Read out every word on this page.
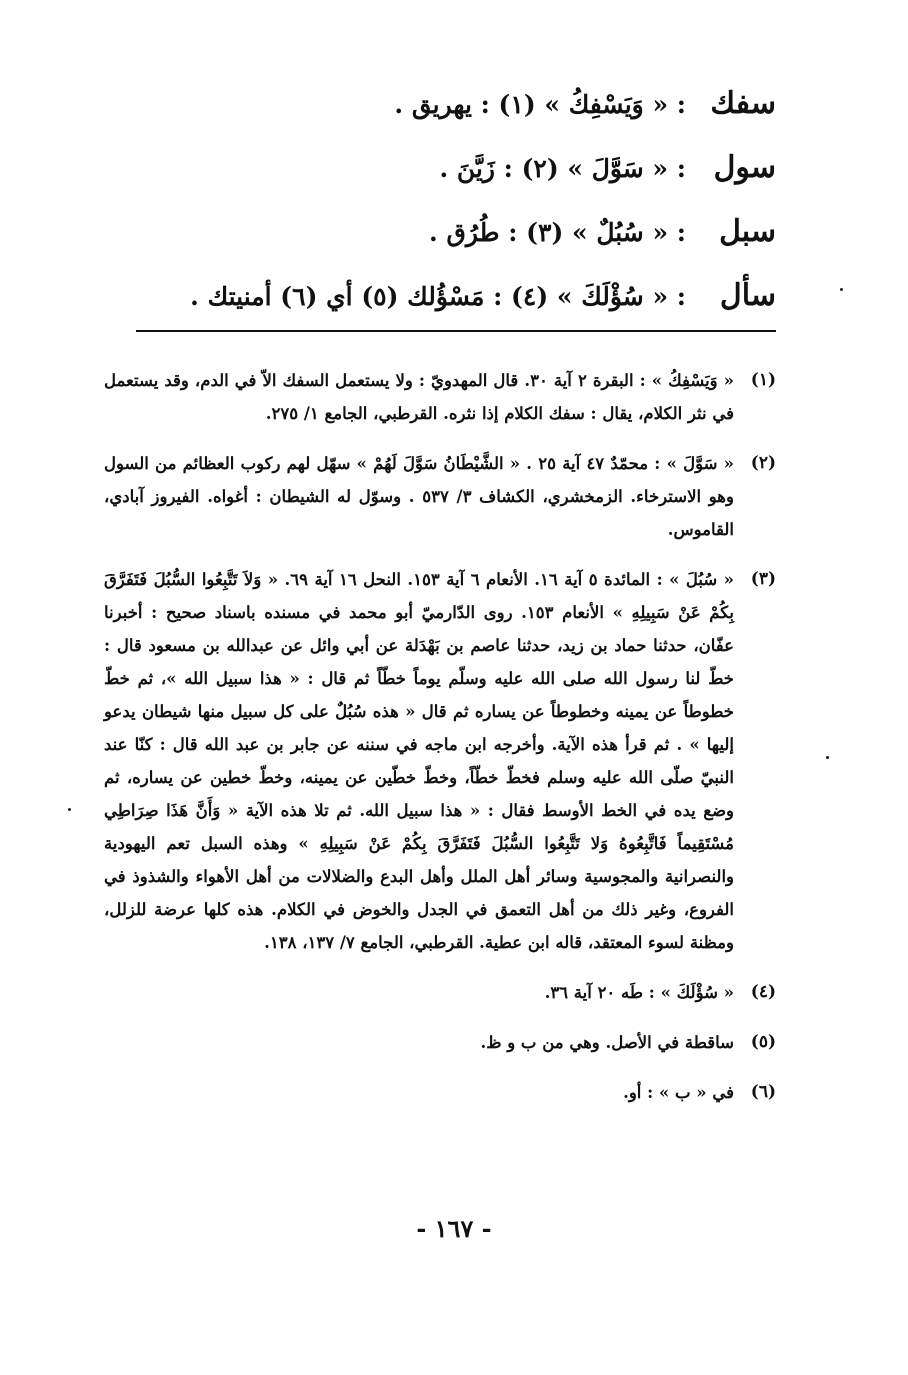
سفك
: « وَيَسْفِكُ » (١) : يهريق .
سول
: « سَوَّلَ » (٢) : زَيَّنَ .
سبل
: « سُبُلٌ » (٣) : طُرُق .
سأل
: « سُؤْلَكَ » (٤) : مَسْؤُلك (٥) أي (٦) أمنيتك .
(١)
« وَيَسْفِكُ » : البقرة ٢ آية ٣٠. قال المهدويّ : ولا يستعمل السفك الاّ في الدم، وقد يستعمل في نثر الكلام، يقال : سفك الكلام إذا نثره. القرطبي، الجامع ١/ ٢٧٥.
(٢)
« سَوَّلَ » : محمّدٌ ٤٧ آية ٢٥ . « الشَّيْطَانُ سَوَّلَ لَهُمْ » سهّل لهم ركوب العظائم من السول وهو الاسترخاء. الزمخشري، الكشاف ٣/ ٥٣٧ . وسوّل له الشيطان : أغواه. الفيروز آبادي، القاموس.
(٣)
« سُبُلَ » : المائدة ٥ آية ١٦. الأنعام ٦ آية ١٥٣. النحل ١٦ آية ٦٩. « وَلاَ تَتَّبِعُوا السُّبُلَ فَتَفَرَّقَ بِكُمْ عَنْ سَبِيلِهِ » الأنعام ١٥٣. روى الدّارميّ أبو محمد في مسنده باسناد صحيح : أخبرنا عفّان، حدثنا حماد بن زيد، حدثنا عاصم بن بَهْدَلة عن أبي وائل عن عبدالله بن مسعود قال : خطّ لنا رسول الله صلى الله عليه وسلّم يوماً خطّاً ثم قال : « هذا سبيل الله »، ثم خطّ خطوطاً عن يمينه وخطوطاً عن يساره ثم قال « هذه سُبُلٌ على كل سبيل منها شيطان يدعو إليها » . ثم قرأ هذه الآية. وأخرجه ابن ماجه في سننه عن جابر بن عبد الله قال : كنّا عند النبيّ صلّى الله عليه وسلم فخطّ خطّاً، وخطّ خطّين عن يمينه، وخطّ خطين عن يساره، ثم وضع يده في الخط الأوسط فقال : « هذا سبيل الله. ثم تلا هذه الآية « وَأَنَّ هَذَا صِرَاطِي مُسْتَقِيماً فَاتَّبِعُوهُ وَلا تَتَّبِعُوا السُّبُلَ فَتَفَرَّقَ بِكُمْ عَنْ سَبِيلِهِ » وهذه السبل تعم اليهودية والنصرانية والمجوسية وسائر أهل الملل وأهل البدع والضلالات من أهل الأهواء والشذوذ في الفروع، وغير ذلك من أهل التعمق في الجدل والخوض في الكلام. هذه كلها عرضة للزلل، ومظنة لسوء المعتقد، قاله ابن عطية. القرطبي، الجامع ٧/ ١٣٧، ١٣٨.
(٤)
« سُؤْلَكَ » : طَه ٢٠ آية ٣٦.
(٥)
ساقطة في الأصل. وهي من ب و ظ.
(٦)
في « ب » : أو.
- ١٦٧ -
